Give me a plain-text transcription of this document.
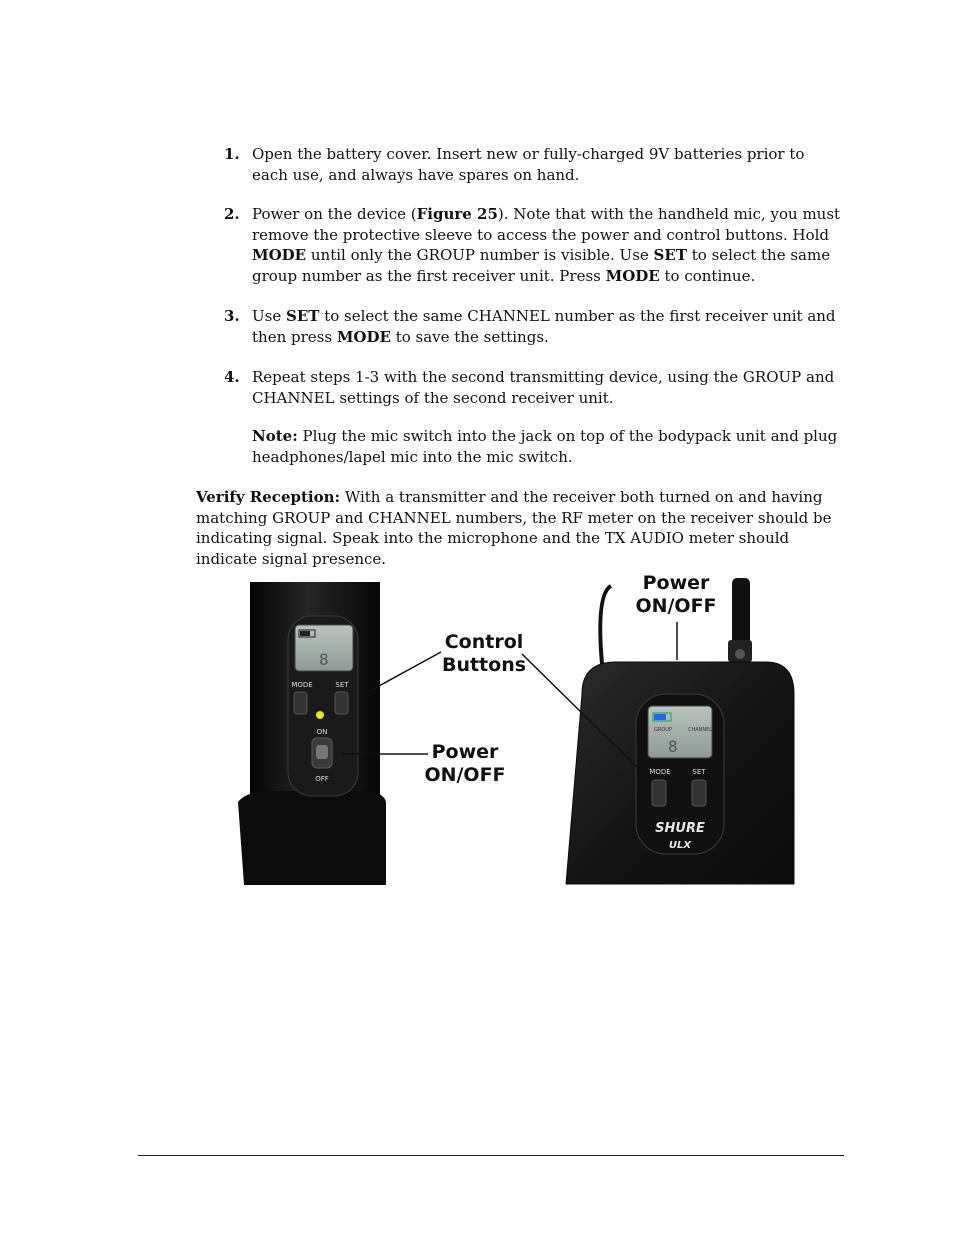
1. Open the battery cover. Insert new or fully-charged 9V batteries prior to each use, and always have spares on hand.
2. Power on the device (Figure 25). Note that with the handheld mic, you must remove the protective sleeve to access the power and control buttons. Hold MODE until only the GROUP number is visible. Use SET to select the same group number as the first receiver unit. Press MODE to continue.
3. Use SET to select the same CHANNEL number as the first receiver unit and then press MODE to save the settings.
4. Repeat steps 1-3 with the second transmitting device, using the GROUP and CHANNEL settings of the second receiver unit.
Note: Plug the mic switch into the jack on top of the bodypack unit and plug headphones/lapel mic into the mic switch.
Verify Reception: With a transmitter and the receiver both turned on and having matching GROUP and CHANNEL numbers, the RF meter on the receiver should be indicating signal. Speak into the microphone and the TX AUDIO meter should indicate signal presence.
8
MODE	SET
ON
OFF
GROUP	CHANNEL
8
MODE	SET
SHURE
ULX
Control
Buttons
Power
ON/OFF
Power
ON/OFF
